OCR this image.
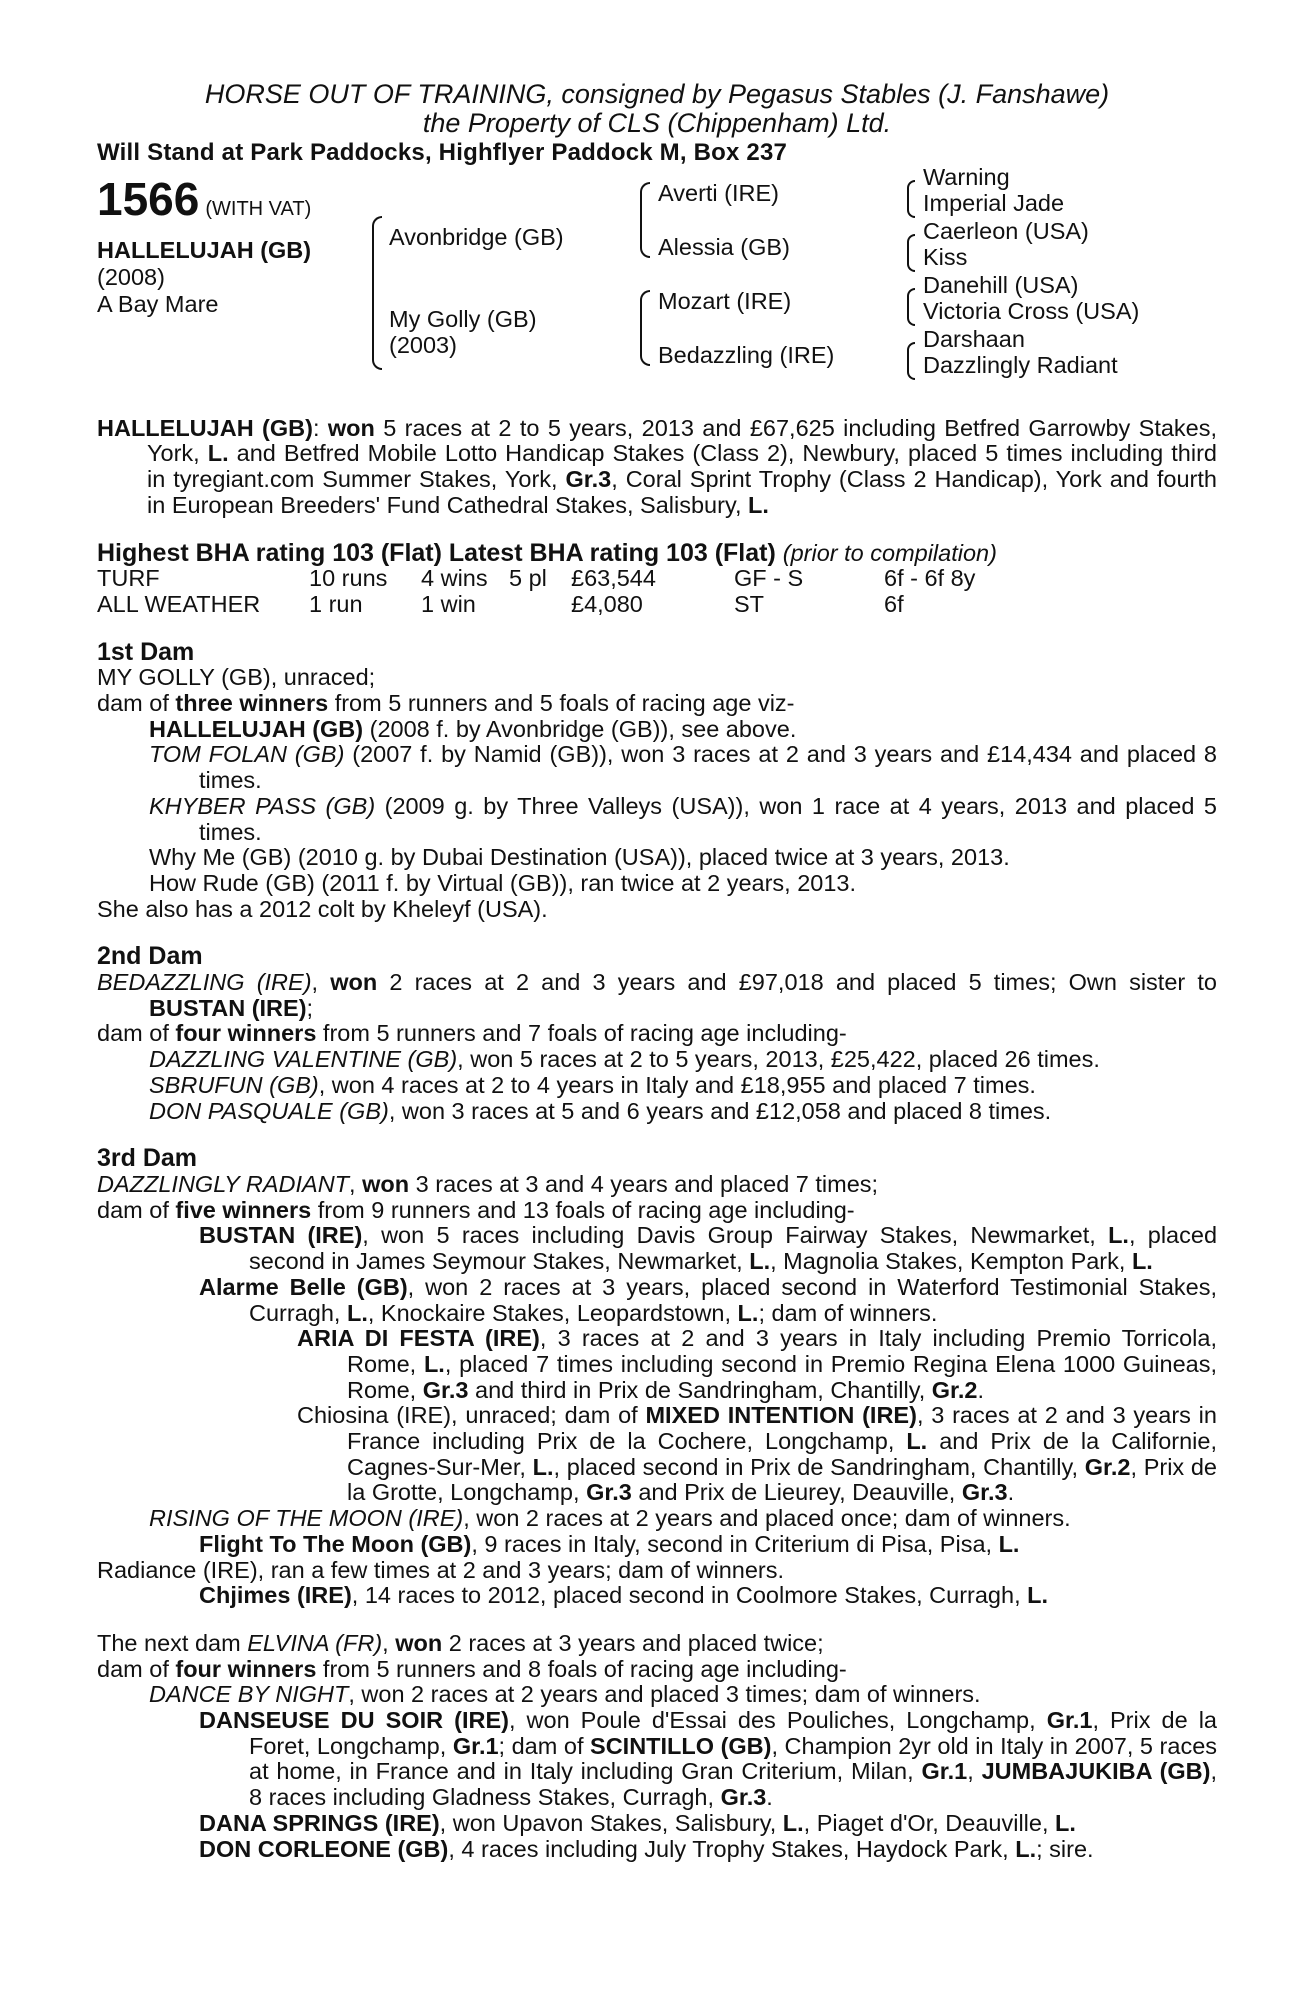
HORSE OUT OF TRAINING, consigned by Pegasus Stables (J. Fanshawe)
the Property of CLS (Chippenham) Ltd.
Will Stand at Park Paddocks, Highflyer Paddock M, Box 237
1566 (WITH VAT)
HALLELUJAH (GB)
(2008)
A Bay Mare
Avonbridge (GB)
My Golly (GB)
(2003)
Averti (IRE)
Alessia (GB)
Mozart (IRE)
Bedazzling (IRE)
Warning
Imperial Jade
Caerleon (USA)
Kiss
Danehill (USA)
Victoria Cross (USA)
Darshaan
Dazzlingly Radiant

HALLELUJAH (GB): won 5 races at 2 to 5 years, 2013 and £67,625 including Betfred Garrowby Stakes, York, L. and Betfred Mobile Lotto Handicap Stakes (Class 2), Newbury, placed 5 times including third in tyregiant.com Summer Stakes, York, Gr.3, Coral Sprint Trophy (Class 2 Handicap), York and fourth in European Breeders' Fund Cathedral Stakes, Salisbury, L.

Highest BHA rating 103 (Flat) Latest BHA rating 103 (Flat) (prior to compilation)
TURF	10 runs	4 wins	5 pl	£63,544	GF - S	6f - 6f 8y
ALL WEATHER	1 run	1 win		£4,080	ST	6f

1st Dam

MY GOLLY (GB), unraced;

dam of three winners from 5 runners and 5 foals of racing age viz-

HALLELUJAH (GB) (2008 f. by Avonbridge (GB)), see above.

TOM FOLAN (GB) (2007 f. by Namid (GB)), won 3 races at 2 and 3 years and £14,434 and placed 8 times.

KHYBER PASS (GB) (2009 g. by Three Valleys (USA)), won 1 race at 4 years, 2013 and placed 5 times.

Why Me (GB) (2010 g. by Dubai Destination (USA)), placed twice at 3 years, 2013.

How Rude (GB) (2011 f. by Virtual (GB)), ran twice at 2 years, 2013.

She also has a 2012 colt by Kheleyf (USA).

2nd Dam

BEDAZZLING (IRE), won 2 races at 2 and 3 years and £97,018 and placed 5 times; Own sister to BUSTAN (IRE);

dam of four winners from 5 runners and 7 foals of racing age including-

DAZZLING VALENTINE (GB), won 5 races at 2 to 5 years, 2013, £25,422, placed 26 times.

SBRUFUN (GB), won 4 races at 2 to 4 years in Italy and £18,955 and placed 7 times.

DON PASQUALE (GB), won 3 races at 5 and 6 years and £12,058 and placed 8 times.

3rd Dam

DAZZLINGLY RADIANT, won 3 races at 3 and 4 years and placed 7 times;

dam of five winners from 9 runners and 13 foals of racing age including-

BUSTAN (IRE), won 5 races including Davis Group Fairway Stakes, Newmarket, L., placed second in James Seymour Stakes, Newmarket, L., Magnolia Stakes, Kempton Park, L.

Alarme Belle (GB), won 2 races at 3 years, placed second in Waterford Testimonial Stakes, Curragh, L., Knockaire Stakes, Leopardstown, L.; dam of winners.

ARIA DI FESTA (IRE), 3 races at 2 and 3 years in Italy including Premio Torricola, Rome, L., placed 7 times including second in Premio Regina Elena 1000 Guineas, Rome, Gr.3 and third in Prix de Sandringham, Chantilly, Gr.2.

Chiosina (IRE), unraced; dam of MIXED INTENTION (IRE), 3 races at 2 and 3 years in France including Prix de la Cochere, Longchamp, L. and Prix de la Californie, Cagnes-Sur-Mer, L., placed second in Prix de Sandringham, Chantilly, Gr.2, Prix de la Grotte, Longchamp, Gr.3 and Prix de Lieurey, Deauville, Gr.3.

RISING OF THE MOON (IRE), won 2 races at 2 years and placed once; dam of winners.

Flight To The Moon (GB), 9 races in Italy, second in Criterium di Pisa, Pisa, L.

Radiance (IRE), ran a few times at 2 and 3 years; dam of winners.

Chjimes (IRE), 14 races to 2012, placed second in Coolmore Stakes, Curragh, L.

The next dam ELVINA (FR), won 2 races at 3 years and placed twice;

dam of four winners from 5 runners and 8 foals of racing age including-

DANCE BY NIGHT, won 2 races at 2 years and placed 3 times; dam of winners.

DANSEUSE DU SOIR (IRE), won Poule d'Essai des Pouliches, Longchamp, Gr.1, Prix de la Foret, Longchamp, Gr.1; dam of SCINTILLO (GB), Champion 2yr old in Italy in 2007, 5 races at home, in France and in Italy including Gran Criterium, Milan, Gr.1, JUMBAJUKIBA (GB), 8 races including Gladness Stakes, Curragh, Gr.3.

DANA SPRINGS (IRE), won Upavon Stakes, Salisbury, L., Piaget d'Or, Deauville, L.

DON CORLEONE (GB), 4 races including July Trophy Stakes, Haydock Park, L.; sire.
